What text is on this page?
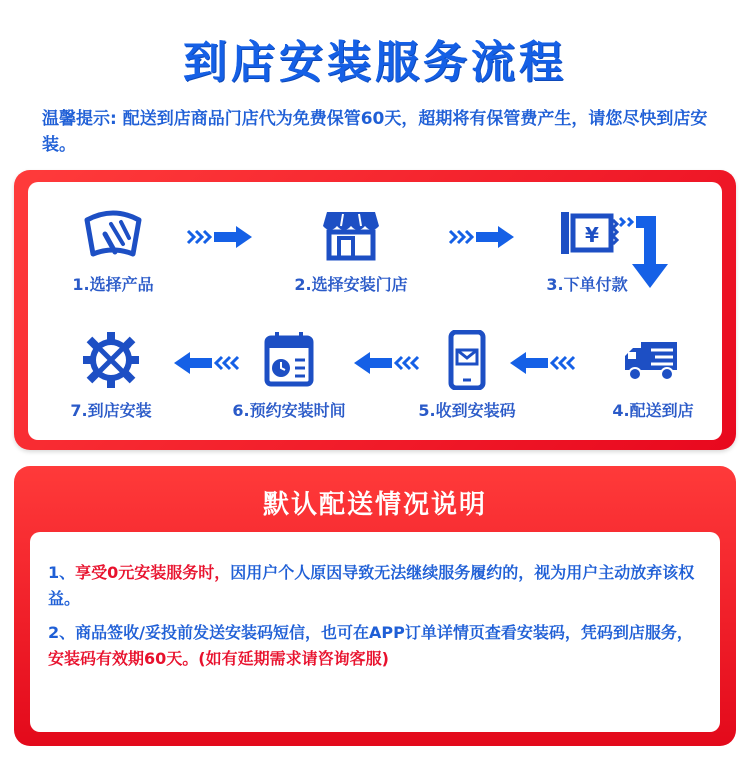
到店安装服务流程
温馨提示: 配送到店商品门店代为免费保管60天，超期将有保管费产生，请您尽快到店安装。
1.选择产品	2.选择安装门店
¥
3.下单付款
4.配送到店
5.收到安装码
6.预约安装时间
7.到店安装
默认配送情况说明

1、享受0元安装服务时，因用户个人原因导致无法继续服务履约的，视为用户主动放弃该权益。

2、商品签收/妥投前发送安装码短信，也可在APP订单详情页查看安装码，凭码到店服务，安装码有效期60天。(如有延期需求请咨询客服)
